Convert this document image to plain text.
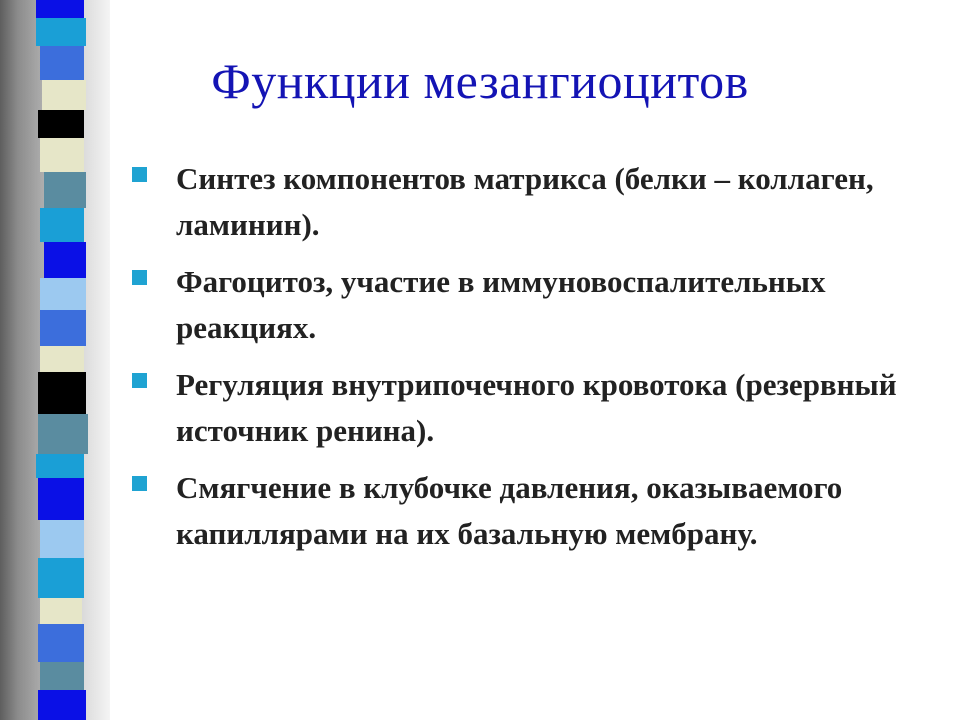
Функции мезангиоцитов
Синтез компонентов матрикса (белки – коллаген, ламинин).
Фагоцитоз, участие в иммуновоспалительных реакциях.
Регуляция внутрипочечного кровотока (резервный источник ренина).
Смягчение в клубочке давления, оказываемого капиллярами на их базальную мембрану.
